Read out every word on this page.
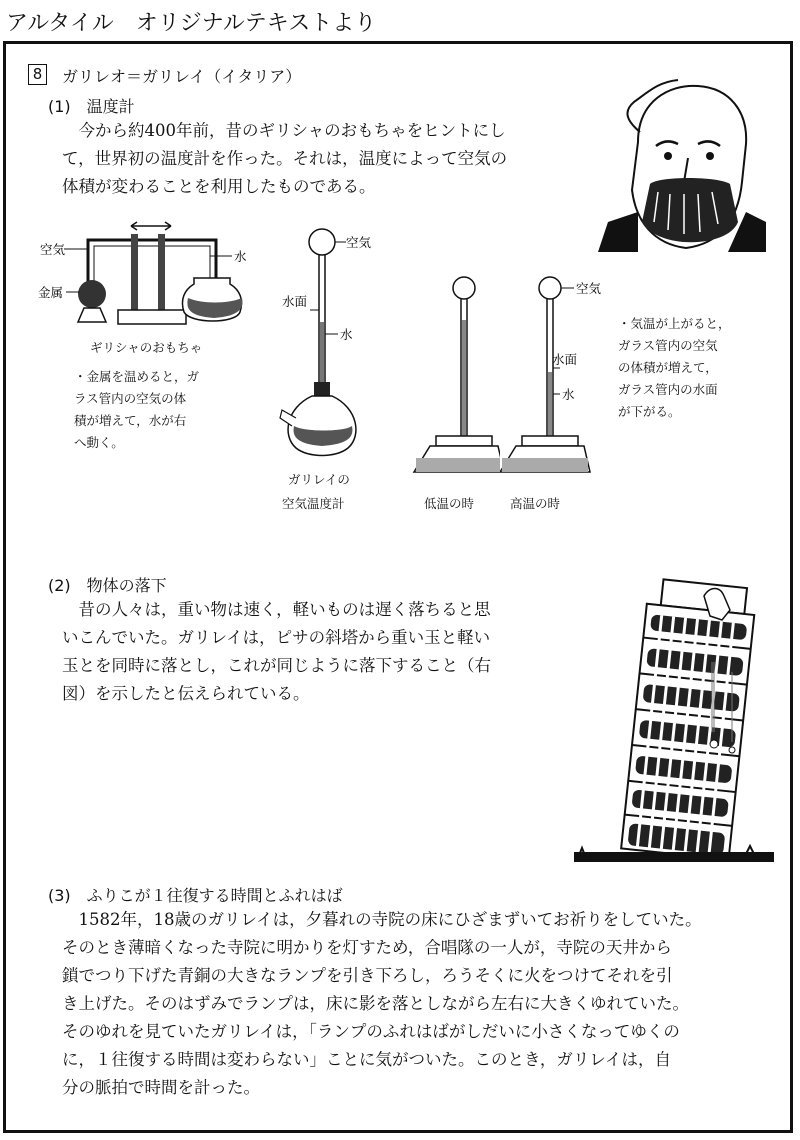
アルタイル　オリジナルテキストより
8 ガリレオ＝ガリレイ（イタリア）
(1)　温度計
　今から約400年前，昔のギリシャのおもちゃをヒントにし
て，世界初の温度計を作った。それは，温度によって空気の
体積が変わることを利用したものである。
空気	水
金属
ギリシャのおもちゃ
・金属を温めると，ガ
ラス管内の空気の体
積が増えて，水が右
へ動く。
空気
水面
水
ガリレイの
空気温度計	低温の時
空気
水面
水
高温の時
・気温が上がると，
ガラス管内の空気
の体積が増えて，
ガラス管内の水面
が下がる。
(2)　物体の落下
　昔の人々は，重い物は速く，軽いものは遅く落ちると思
いこんでいた。ガリレイは，ピサの斜塔から重い玉と軽い
玉とを同時に落とし，これが同じように落下すること（右
図）を示したと伝えられている。
(3)　ふりこが１往復する時間とふれはば
　1582年，18歳のガリレイは，夕暮れの寺院の床にひざまずいてお祈りをしていた。
そのとき薄暗くなった寺院に明かりを灯すため，合唱隊の一人が，寺院の天井から
鎖でつり下げた青銅の大きなランプを引き下ろし，ろうそくに火をつけてそれを引
き上げた。そのはずみでランプは，床に影を落としながら左右に大きくゆれていた。
そのゆれを見ていたガリレイは，「ランプのふれはばがしだいに小さくなってゆくの
に，１往復する時間は変わらない」ことに気がついた。このとき，ガリレイは，自
分の脈拍で時間を計った。
